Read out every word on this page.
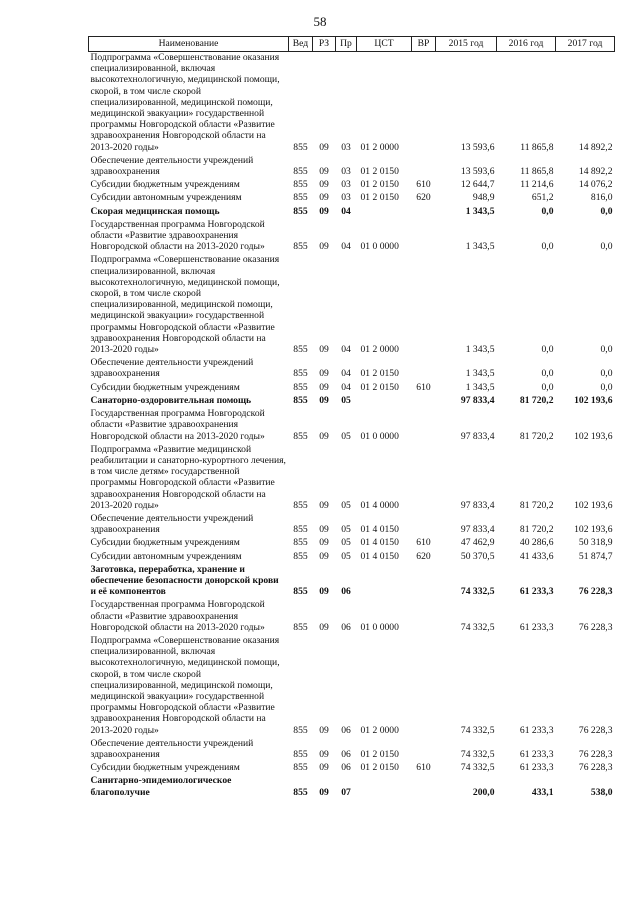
58
Наименование	Вед	РЗ	Пр	ЦСТ	ВР	2015 год	2016 год	2017 год
Подпрограмма «Совершенствование оказания специализированной, включая высокотехнологичную, медицинской помощи, скорой, в том числе скорой специализированной, медицинской помощи, медицинской эвакуации» государственной программы Новгородской области «Развитие здравоохранения Новгородской области на 2013-2020 годы»	855	09	03	01 2 0000		13 593,6	11 865,8	14 892,2
Обеспечение деятельности учреждений здравоохранения	855	09	03	01 2 0150		13 593,6	11 865,8	14 892,2
Субсидии бюджетным учреждениям	855	09	03	01 2 0150	610	12 644,7	11 214,6	14 076,2
Субсидии автономным учреждениям	855	09	03	01 2 0150	620	948,9	651,2	816,0
Скорая медицинская помощь	855	09	04			1 343,5	0,0	0,0
Государственная программа Новгородской области «Развитие здравоохранения Новгородской области на 2013-2020 годы»	855	09	04	01 0 0000		1 343,5	0,0	0,0
Подпрограмма «Совершенствование оказания специализированной, включая высокотехнологичную, медицинской помощи, скорой, в том числе скорой специализированной, медицинской помощи, медицинской эвакуации» государственной программы Новгородской области «Развитие здравоохранения Новгородской области на 2013-2020 годы»	855	09	04	01 2 0000		1 343,5	0,0	0,0
Обеспечение деятельности учреждений здравоохранения	855	09	04	01 2 0150		1 343,5	0,0	0,0
Субсидии бюджетным учреждениям	855	09	04	01 2 0150	610	1 343,5	0,0	0,0
Санаторно-оздоровительная помощь	855	09	05			97 833,4	81 720,2	102 193,6
Государственная программа Новгородской области «Развитие здравоохранения Новгородской области на 2013-2020 годы»	855	09	05	01 0 0000		97 833,4	81 720,2	102 193,6
Подпрограмма «Развитие медицинской реабилитации и санаторно-курортного лечения, в том числе детям» государственной программы Новгородской области «Развитие здравоохранения Новгородской области на 2013-2020 годы»	855	09	05	01 4 0000		97 833,4	81 720,2	102 193,6
Обеспечение деятельности учреждений здравоохранения	855	09	05	01 4 0150		97 833,4	81 720,2	102 193,6
Субсидии бюджетным учреждениям	855	09	05	01 4 0150	610	47 462,9	40 286,6	50 318,9
Субсидии автономным учреждениям	855	09	05	01 4 0150	620	50 370,5	41 433,6	51 874,7
Заготовка, переработка, хранение и обеспечение безопасности донорской крови и её компонентов	855	09	06			74 332,5	61 233,3	76 228,3
Государственная программа Новгородской области «Развитие здравоохранения Новгородской области на 2013-2020 годы»	855	09	06	01 0 0000		74 332,5	61 233,3	76 228,3
Подпрограмма «Совершенствование оказания специализированной, включая высокотехнологичную, медицинской помощи, скорой, в том числе скорой специализированной, медицинской помощи, медицинской эвакуации» государственной программы Новгородской области «Развитие здравоохранения Новгородской области на 2013-2020 годы»	855	09	06	01 2 0000		74 332,5	61 233,3	76 228,3
Обеспечение деятельности учреждений здравоохранения	855	09	06	01 2 0150		74 332,5	61 233,3	76 228,3
Субсидии бюджетным учреждениям	855	09	06	01 2 0150	610	74 332,5	61 233,3	76 228,3
Санитарно-эпидемиологическое благополучие	855	09	07			200,0	433,1	538,0
